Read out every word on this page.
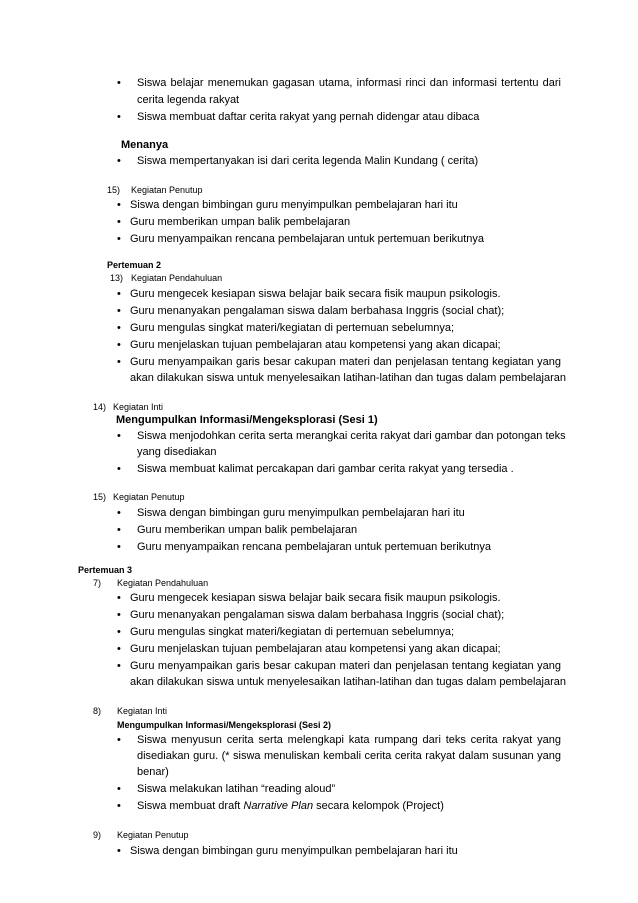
• Siswa belajar menemukan gagasan utama, informasi rinci dan informasi tertentu dari
cerita legenda rakyat
• Siswa membuat daftar cerita rakyat yang pernah didengar atau dibaca
Menanya
• Siswa mempertanyakan isi dari cerita legenda Malin Kundang ( cerita)
15) Kegiatan Penutup
• Siswa dengan bimbingan guru menyimpulkan pembelajaran hari itu
• Guru memberikan umpan balik pembelajaran
• Guru menyampaikan rencana pembelajaran untuk pertemuan berikutnya
Pertemuan 2
13) Kegiatan Pendahuluan
• Guru mengecek kesiapan siswa belajar baik secara fisik maupun psikologis.
• Guru menanyakan pengalaman siswa dalam berbahasa Inggris (social chat);
• Guru mengulas singkat materi/kegiatan di pertemuan sebelumnya;
• Guru menjelaskan tujuan pembelajaran atau kompetensi yang akan dicapai;
• Guru menyampaikan garis besar cakupan materi dan penjelasan tentang kegiatan yang
akan dilakukan siswa untuk menyelesaikan latihan-latihan dan tugas dalam pembelajaran
14) Kegiatan Inti
Mengumpulkan Informasi/Mengeksplorasi (Sesi 1)
• Siswa menjodohkan cerita serta merangkai cerita rakyat dari gambar dan potongan teks
yang disediakan
• Siswa membuat kalimat percakapan dari gambar cerita rakyat yang tersedia .
15) Kegiatan Penutup
• Siswa dengan bimbingan guru menyimpulkan pembelajaran hari itu
• Guru memberikan umpan balik pembelajaran
• Guru menyampaikan rencana pembelajaran untuk pertemuan berikutnya
Pertemuan 3
7) Kegiatan Pendahuluan
• Guru mengecek kesiapan siswa belajar baik secara fisik maupun psikologis.
• Guru menanyakan pengalaman siswa dalam berbahasa Inggris (social chat);
• Guru mengulas singkat materi/kegiatan di pertemuan sebelumnya;
• Guru menjelaskan tujuan pembelajaran atau kompetensi yang akan dicapai;
• Guru menyampaikan garis besar cakupan materi dan penjelasan tentang kegiatan yang
akan dilakukan siswa untuk menyelesaikan latihan-latihan dan tugas dalam pembelajaran
8) Kegiatan Inti
Mengumpulkan Informasi/Mengeksplorasi (Sesi 2)
• Siswa menyusun cerita serta melengkapi kata rumpang dari teks cerita rakyat yang
disediakan guru. (* siswa menuliskan kembali cerita cerita rakyat dalam susunan yang
benar)
• Siswa melakukan latihan “reading aloud”
• Siswa membuat draft Narrative Plan secara kelompok (Project)
9) Kegiatan Penutup
• Siswa dengan bimbingan guru menyimpulkan pembelajaran hari itu
